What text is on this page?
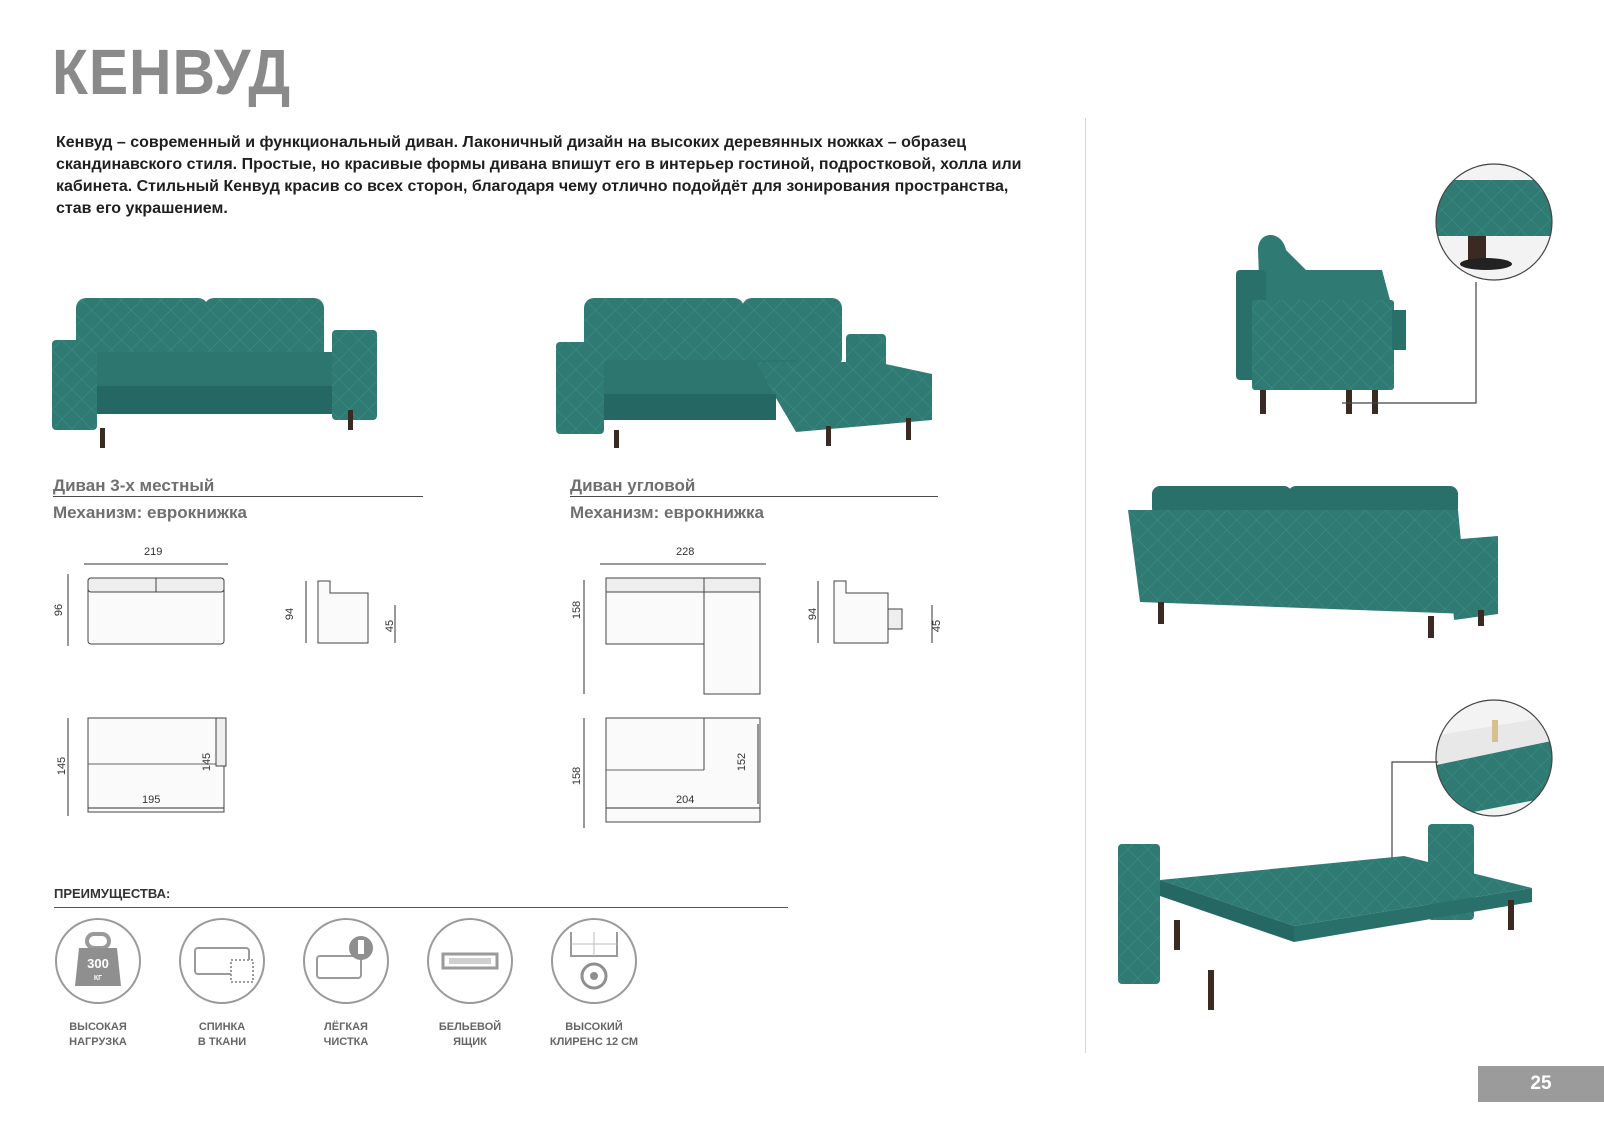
КЕНВУД
Кенвуд – современный и функциональный диван. Лаконичный дизайн на высоких деревянных ножках – образец скандинавского стиля. Простые, но красивые формы дивана впишут его в интерьер гостиной, подростковой, холла или кабинета. Стильный Кенвуд красив со всех сторон, благодаря чему отлично подойдёт для зонирования пространства, став его украшением.
Диван 3-х местный
Механизм: еврокнижка
Диван угловой
Механизм: еврокнижка
219
96	94
45
145	145
195
228
158	94
45
158
152
204
ПРЕИМУЩЕСТВА:
300
КГ
ВЫСОКАЯ
НАГРУЗКА
СПИНКА
В ТКАНИ
ЛЁГКАЯ
ЧИСТКА
БЕЛЬЕВОЙ
ЯЩИК
ВЫСОКИЙ
КЛИРЕНС 12 СМ
25
